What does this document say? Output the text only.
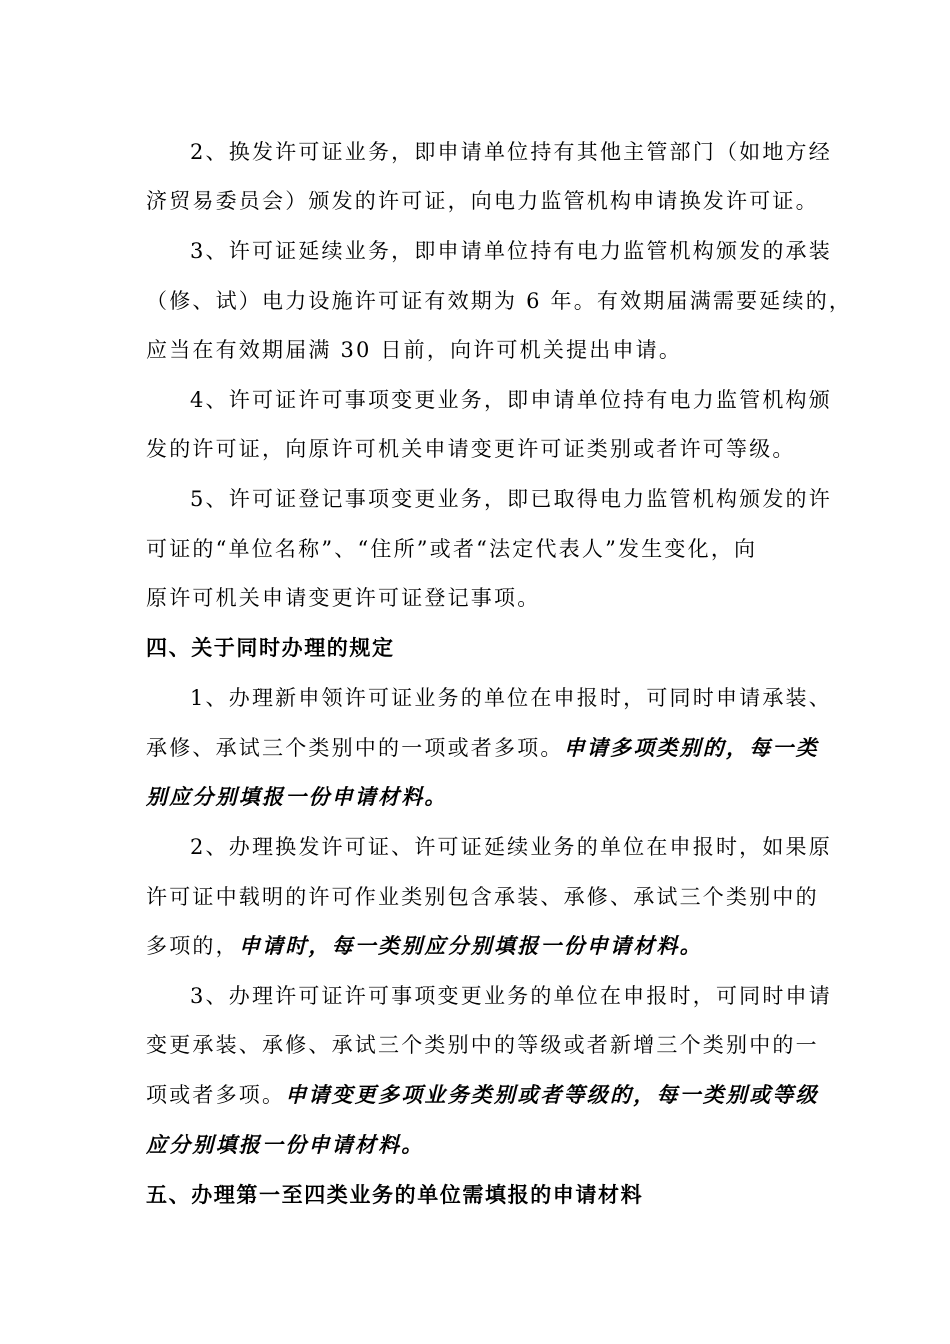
2、换发许可证业务，即申请单位持有其他主管部门（如地方经
济贸易委员会）颁发的许可证，向电力监管机构申请换发许可证。
3、许可证延续业务，即申请单位持有电力监管机构颁发的承装
（修、试）电力设施许可证有效期为 6 年。有效期届满需要延续的，
应当在有效期届满 30 日前，向许可机关提出申请。
4、许可证许可事项变更业务，即申请单位持有电力监管机构颁
发的许可证，向原许可机关申请变更许可证类别或者许可等级。
5、许可证登记事项变更业务，即已取得电力监管机构颁发的许
可证的“单位名称”、“住所”或者“法定代表人”发生变化，向
原许可机关申请变更许可证登记事项。
四、关于同时办理的规定
1、办理新申领许可证业务的单位在申报时，可同时申请承装、
承修、承试三个类别中的一项或者多项。申请多项类别的，每一类
别应分别填报一份申请材料。
2、办理换发许可证、许可证延续业务的单位在申报时，如果原
许可证中载明的许可作业类别包含承装、承修、承试三个类别中的
多项的，申请时，每一类别应分别填报一份申请材料。
3、办理许可证许可事项变更业务的单位在申报时，可同时申请
变更承装、承修、承试三个类别中的等级或者新增三个类别中的一
项或者多项。申请变更多项业务类别或者等级的，每一类别或等级
应分别填报一份申请材料。
五、办理第一至四类业务的单位需填报的申请材料
